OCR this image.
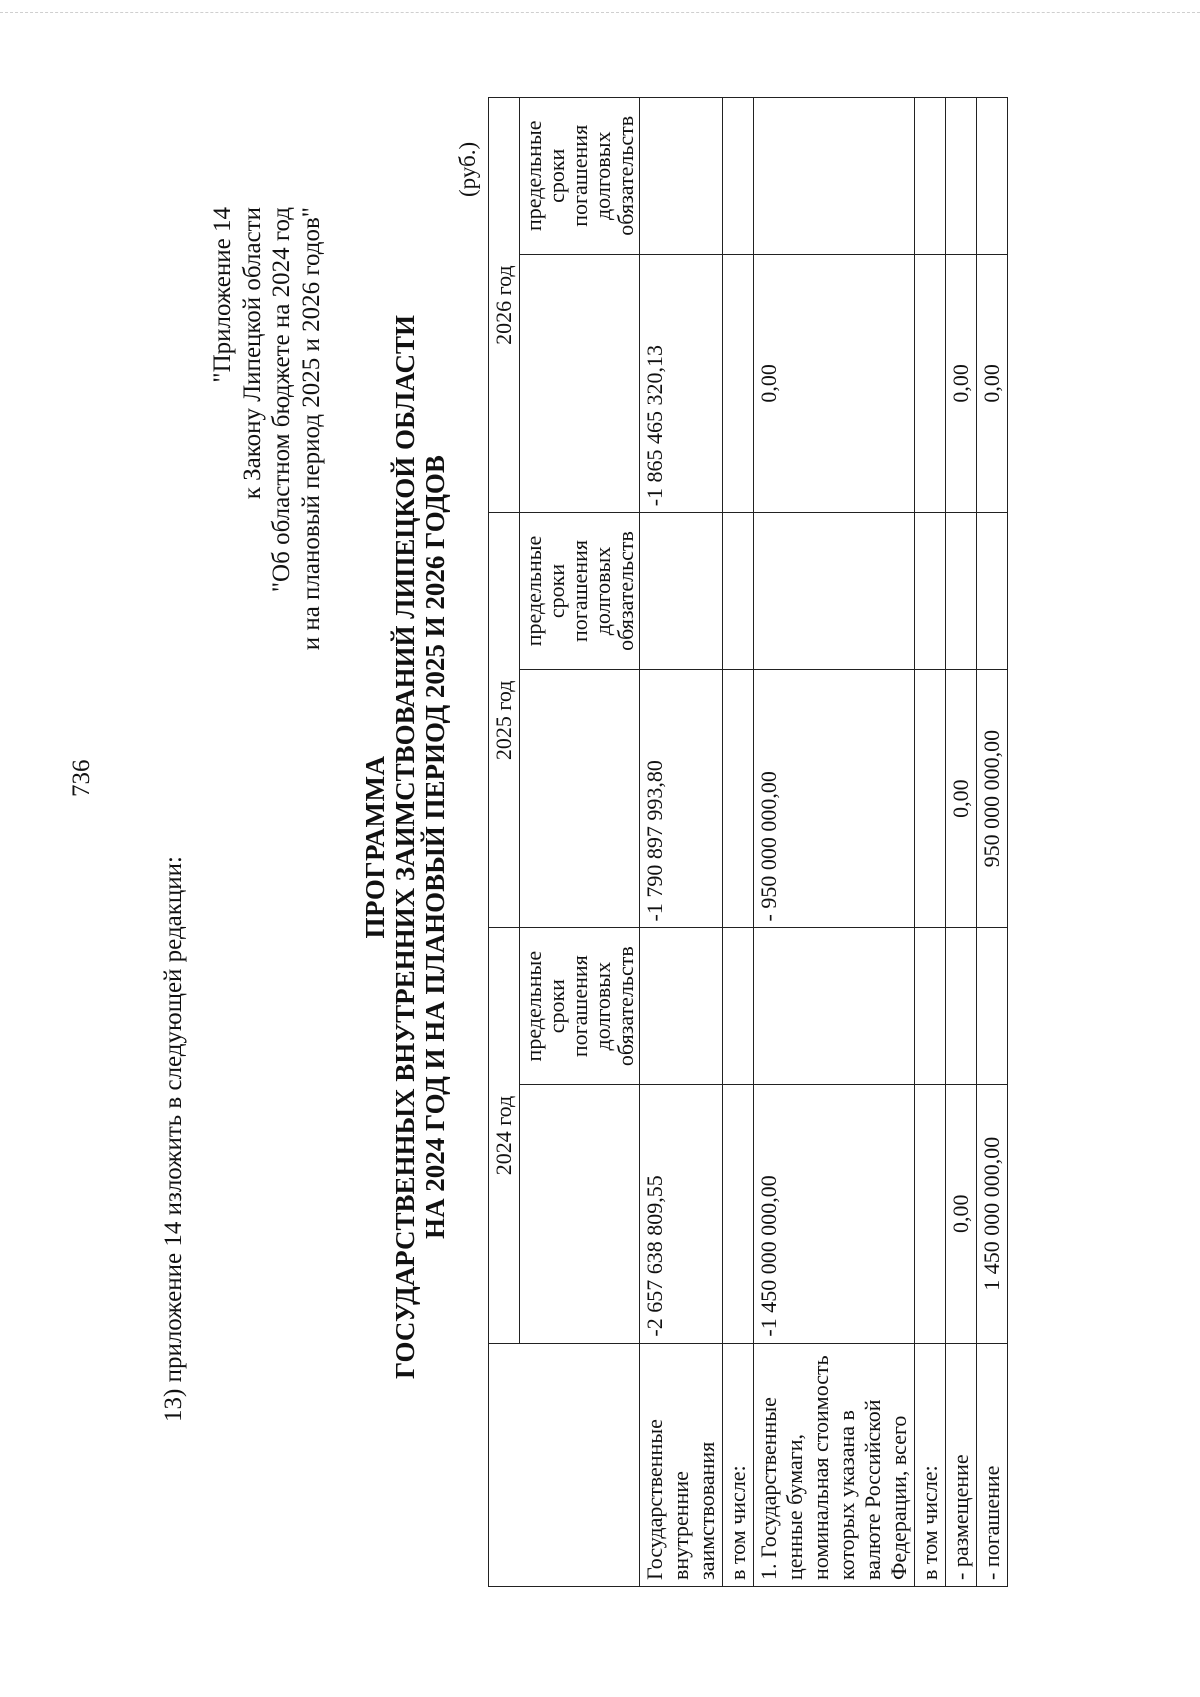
736
13) приложение 14 изложить в следующей редакции:
"Приложение 14 к Закону Липецкой области "Об областном бюджете на 2024 год и на плановый период 2025 и 2026 годов"
ПРОГРАММА ГОСУДАРСТВЕННЫХ ВНУТРЕННИХ ЗАИМСТВОВАНИЙ ЛИПЕЦКОЙ ОБЛАСТИ НА 2024 ГОД И НА ПЛАНОВЫЙ ПЕРИОД 2025 И 2026 ГОДОВ
(руб.)
	2024 год		2025 год		2026 год	
		предельные сроки погашения долговых обязательств		предельные сроки погашения долговых обязательств		предельные сроки погашения долговых обязательств
Государственные внутренние заимствования	-2 657 638 809,55		-1 790 897 993,80		-1 865 465 320,13	
в том числе:						
1. Государственные ценные бумаги, номинальная стоимость которых указана в валюте Российской Федерации, всего	-1 450 000 000,00		- 950 000 000,00		0,00	
в том числе:						
- размещение	0,00		0,00		0,00	
- погашение	1 450 000 000,00		950 000 000,00		0,00	
